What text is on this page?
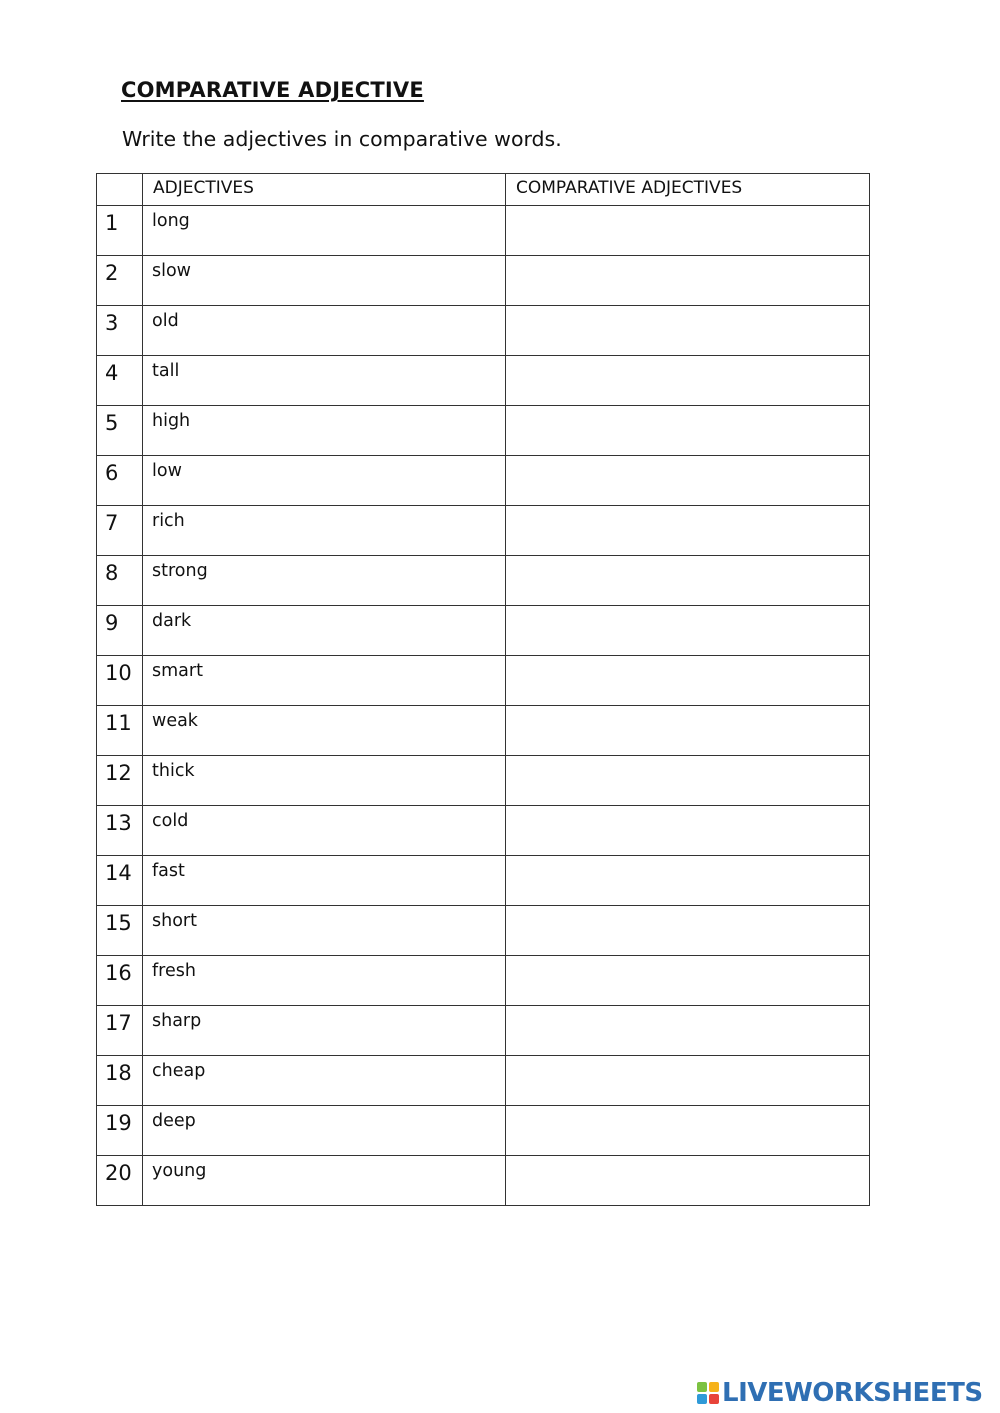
COMPARATIVE ADJECTIVE

Write the adjectives in comparative words.

	ADJECTIVES	COMPARATIVE ADJECTIVES
1	long	
2	slow	
3	old	
4	tall	
5	high	
6	low	
7	rich	
8	strong	
9	dark	
10	smart	
11	weak	
12	thick	
13	cold	
14	fast	
15	short	
16	fresh	
17	sharp	
18	cheap	
19	deep	
20	young	
LIVEWORKSHEETS
